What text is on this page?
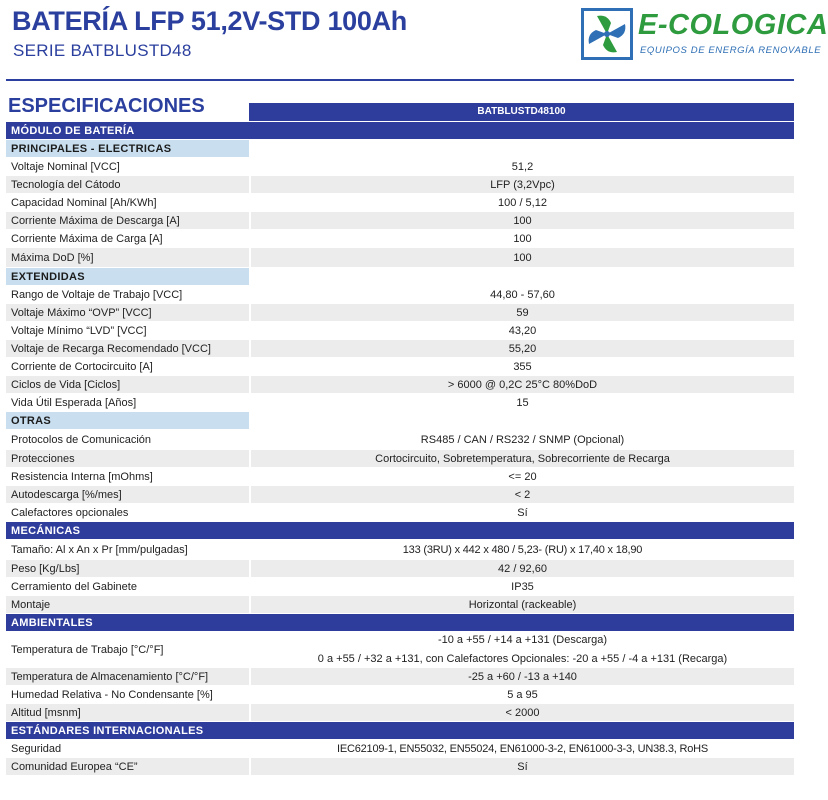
BATERÍA LFP 51,2V-STD 100Ah
SERIE BATBLUSTD48
E-COLOGICA
EQUIPOS DE ENERGÍA RENOVABLE
ESPECIFICACIONES	BATBLUSTD48100
MÓDULO DE BATERÍA
PRINCIPALES - ELECTRICAS
Voltaje Nominal [VCC]	51,2
Tecnología del Cátodo	LFP (3,2Vpc)
Capacidad Nominal [Ah/KWh]	100 / 5,12
Corriente Máxima de Descarga [A]	100
Corriente Máxima de Carga [A]	100
Máxima DoD [%]	100
EXTENDIDAS
Rango de Voltaje de Trabajo [VCC]	44,80 - 57,60
Voltaje Máximo “OVP” [VCC]	59
Voltaje Mínimo “LVD” [VCC]	43,20
Voltaje de Recarga Recomendado [VCC]	55,20
Corriente de Cortocircuito [A]	355
Ciclos de Vida [Ciclos]	> 6000 @ 0,2C 25°C 80%DoD
Vida Útil Esperada [Años]	15
OTRAS
Protocolos de Comunicación	RS485 / CAN / RS232 / SNMP (Opcional)
Protecciones	Cortocircuito, Sobretemperatura, Sobrecorriente de Recarga
Resistencia Interna [mOhms]	<= 20
Autodescarga [%/mes]	< 2
Calefactores opcionales	Sí
MECÁNICAS
Tamaño: Al x An x Pr [mm/pulgadas]	133 (3RU) x 442 x 480 / 5,23- (RU) x 17,40 x 18,90
Peso [Kg/Lbs]	42 / 92,60
Cerramiento del Gabinete	IP35
Montaje	Horizontal (rackeable)
AMBIENTALES
Temperatura de Trabajo [°C/°F]
-10 a +55 / +14 a +131 (Descarga)
0 a +55 / +32 a +131, con Calefactores Opcionales: -20 a +55 / -4 a +131 (Recarga)
Temperatura de Almacenamiento [°C/°F]	-25 a +60 / -13 a +140
Humedad Relativa - No Condensante [%]	5 a 95
Altitud [msnm]	< 2000
ESTÁNDARES INTERNACIONALES
Seguridad	IEC62109-1, EN55032, EN55024, EN61000-3-2, EN61000-3-3, UN38.3, RoHS
Comunidad Europea “CE”	Sí
